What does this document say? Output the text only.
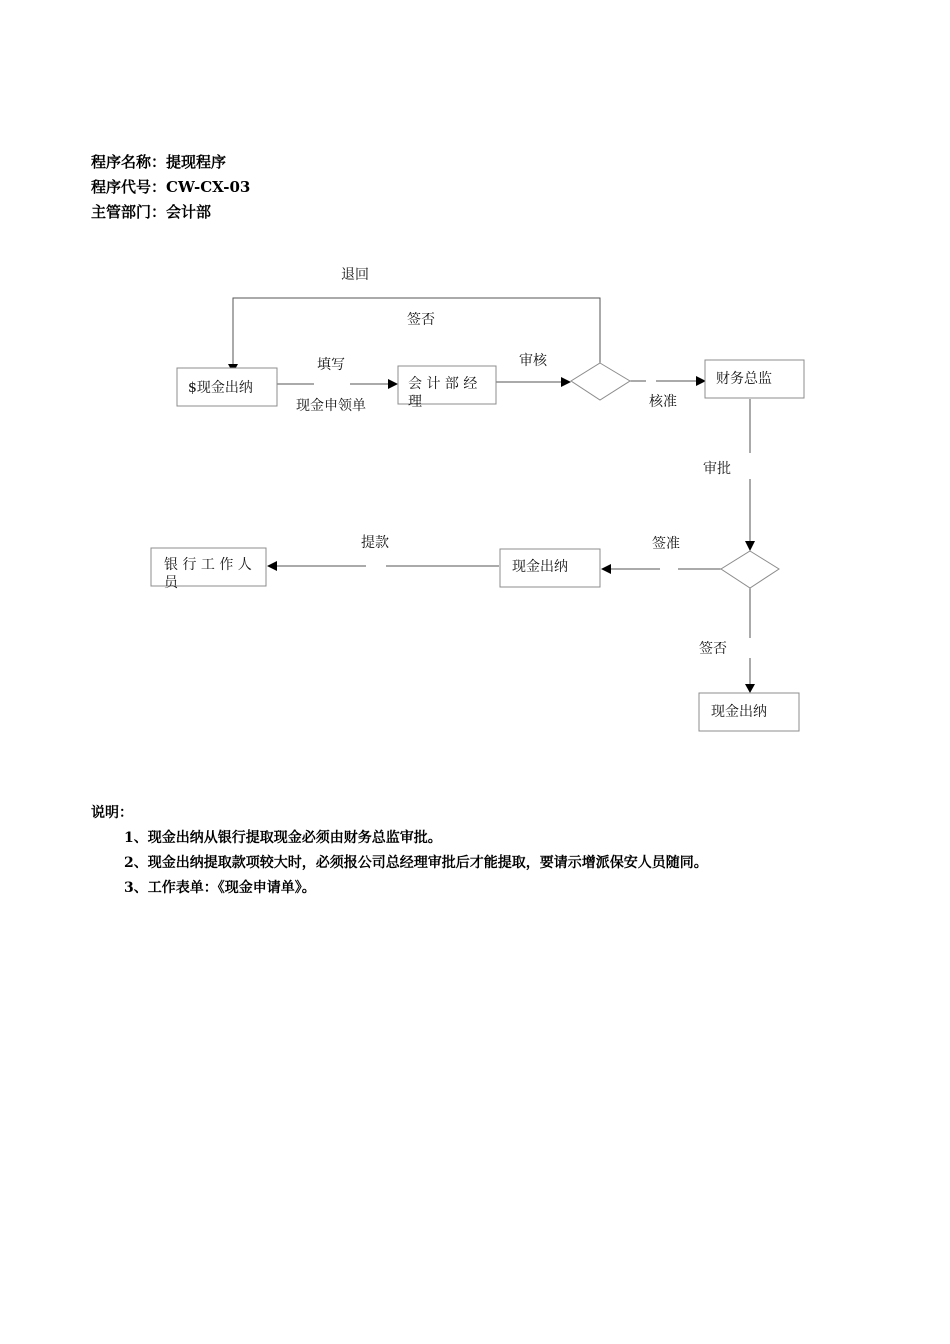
程序名称：提现程序
程序代号：CW-CX-03
主管部门：会计部
$现金出纳	会 计 部 经
理
财务总监
现金出纳
银 行 工 作 人
员
现金出纳
退回
签否
填写
现金申领单
审核
核准
审批
提款	签准
签否
说明：
1、现金出纳从银行提取现金必须由财务总监审批。
2、现金出纳提取款项较大时，必须报公司总经理审批后才能提取，要请示增派保安人员随同。
3、工作表单：《现金申请单》。
